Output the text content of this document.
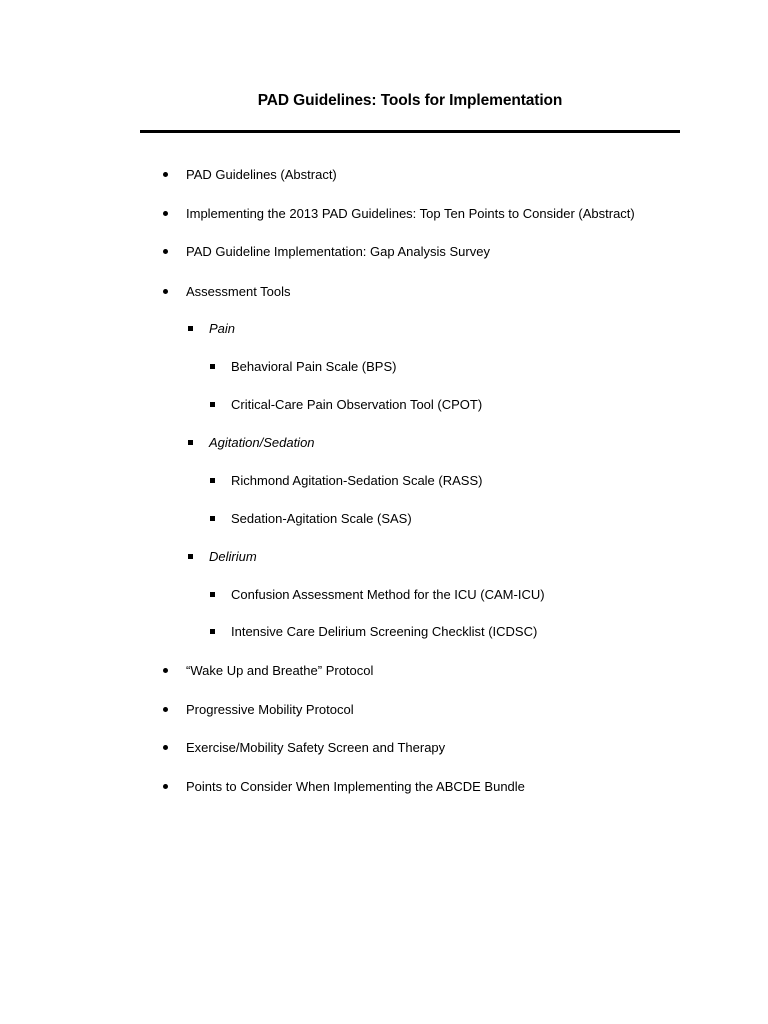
PAD Guidelines: Tools for Implementation
PAD Guidelines (Abstract)
Implementing the 2013 PAD Guidelines: Top Ten Points to Consider (Abstract)
PAD Guideline Implementation: Gap Analysis Survey
Assessment Tools
Pain
Behavioral Pain Scale (BPS)
Critical-Care Pain Observation Tool (CPOT)
Agitation/Sedation
Richmond Agitation-Sedation Scale (RASS)
Sedation-Agitation Scale (SAS)
Delirium
Confusion Assessment Method for the ICU (CAM-ICU)
Intensive Care Delirium Screening Checklist (ICDSC)
“Wake Up and Breathe” Protocol
Progressive Mobility Protocol
Exercise/Mobility Safety Screen and Therapy
Points to Consider When Implementing the ABCDE Bundle
